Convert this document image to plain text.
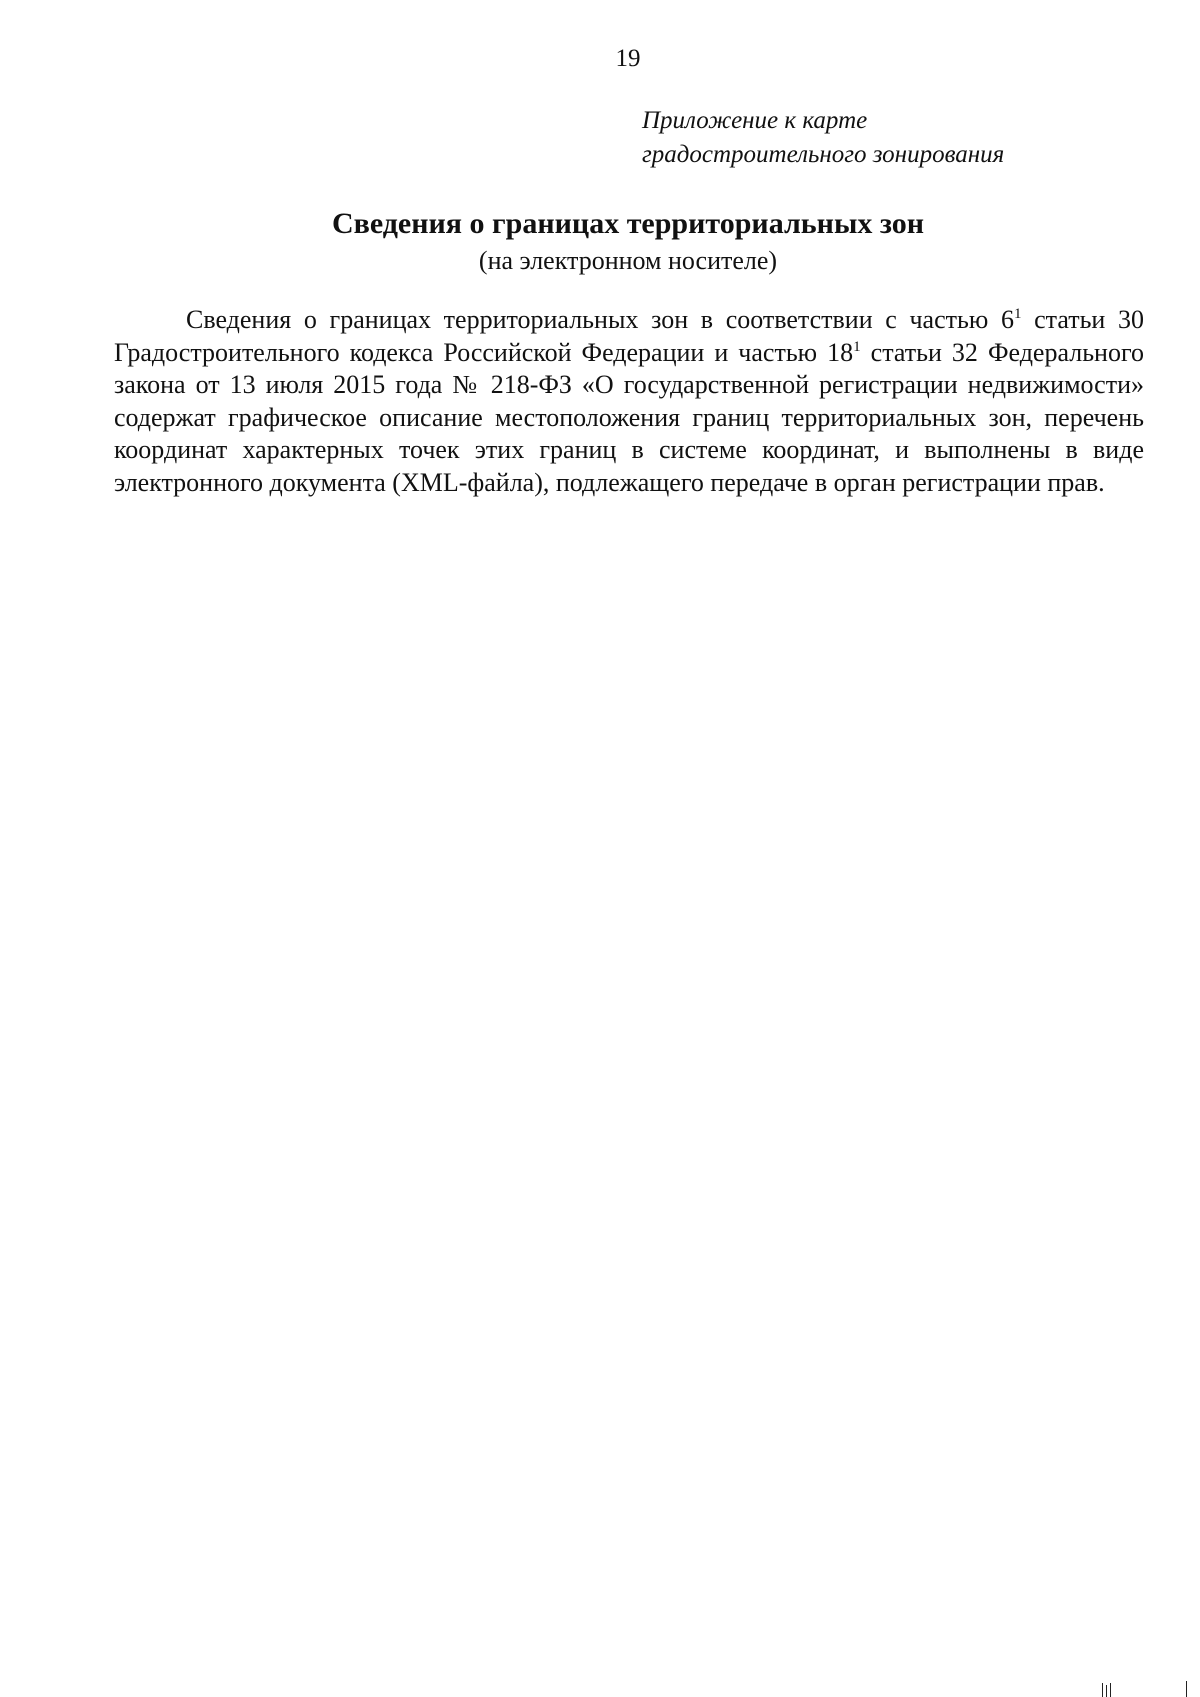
19
Приложение к карте
градостроительного зонирования
Сведения о границах территориальных зон

(на электронном носителе)

Сведения о границах территориальных зон в соответствии с частью $6^1$ статьи 30 Градостроительного кодекса Российской Федерации и частью $18^1$ статьи 32 Федерального закона от 13 июля 2015 года № 218-ФЗ «О государственной регистрации недвижимости» содержат графическое описание местоположения границ территориальных зон, перечень координат характерных точек этих границ в системе координат, и выполнены в виде электронного документа (XML-файла), подлежащего передаче в орган регистрации прав.
